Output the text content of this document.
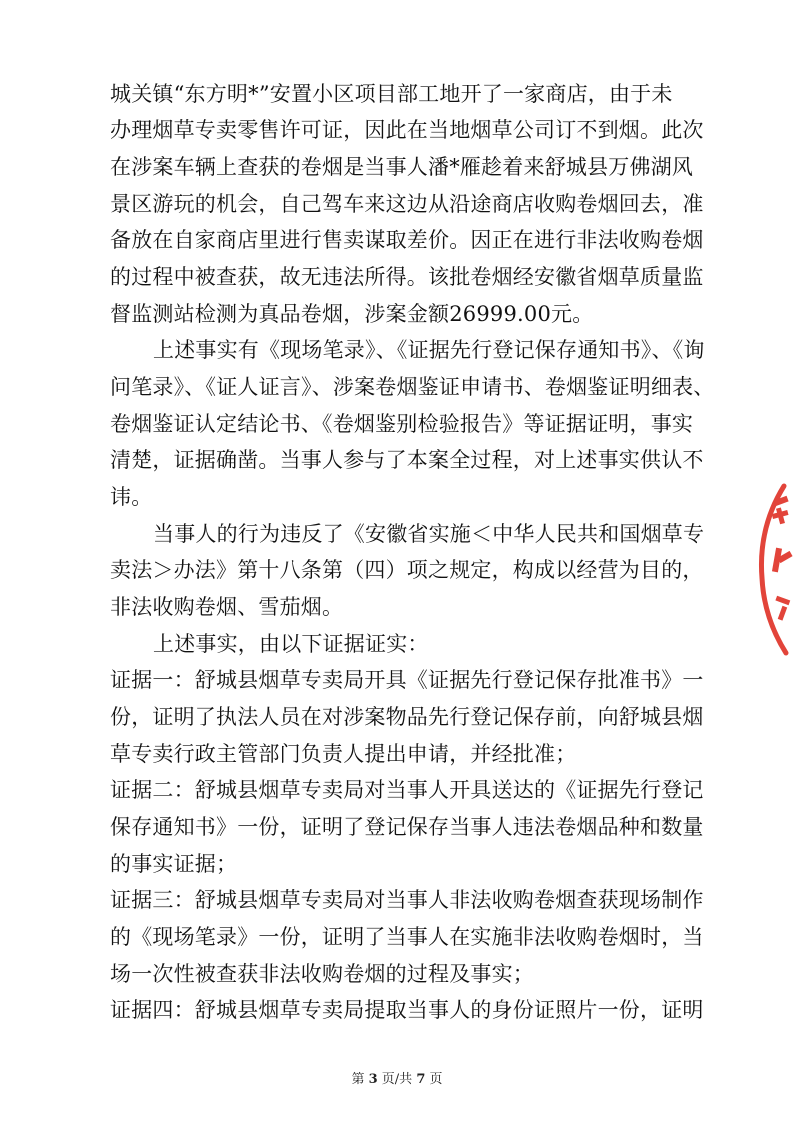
城关镇“东方明*”安置小区项目部工地开了一家商店，由于未
办理烟草专卖零售许可证，因此在当地烟草公司订不到烟。此次
在涉案车辆上查获的卷烟是当事人潘*雁趁着来舒城县万佛湖风
景区游玩的机会，自己驾车来这边从沿途商店收购卷烟回去，准
备放在自家商店里进行售卖谋取差价。因正在进行非法收购卷烟
的过程中被查获，故无违法所得。该批卷烟经安徽省烟草质量监
督监测站检测为真品卷烟，涉案金额26999.00元。
上述事实有《现场笔录》、《证据先行登记保存通知书》、《询
问笔录》、《证人证言》、涉案卷烟鉴证申请书、卷烟鉴证明细表、
卷烟鉴证认定结论书、《卷烟鉴别检验报告》等证据证明，事实
清楚，证据确凿。当事人参与了本案全过程，对上述事实供认不
讳。
当事人的行为违反了《安徽省实施＜中华人民共和国烟草专
卖法＞办法》第十八条第（四）项之规定，构成以经营为目的，
非法收购卷烟、雪茄烟。
上述事实，由以下证据证实：
证据一：舒城县烟草专卖局开具《证据先行登记保存批准书》一
份，证明了执法人员在对涉案物品先行登记保存前，向舒城县烟
草专卖行政主管部门负责人提出申请，并经批准；
证据二：舒城县烟草专卖局对当事人开具送达的《证据先行登记
保存通知书》一份，证明了登记保存当事人违法卷烟品种和数量
的事实证据；
证据三：舒城县烟草专卖局对当事人非法收购卷烟查获现场制作
的《现场笔录》一份，证明了当事人在实施非法收购卷烟时，当
场一次性被查获非法收购卷烟的过程及事实；
证据四：舒城县烟草专卖局提取当事人的身份证照片一份，证明
第 3 页/共 7 页
